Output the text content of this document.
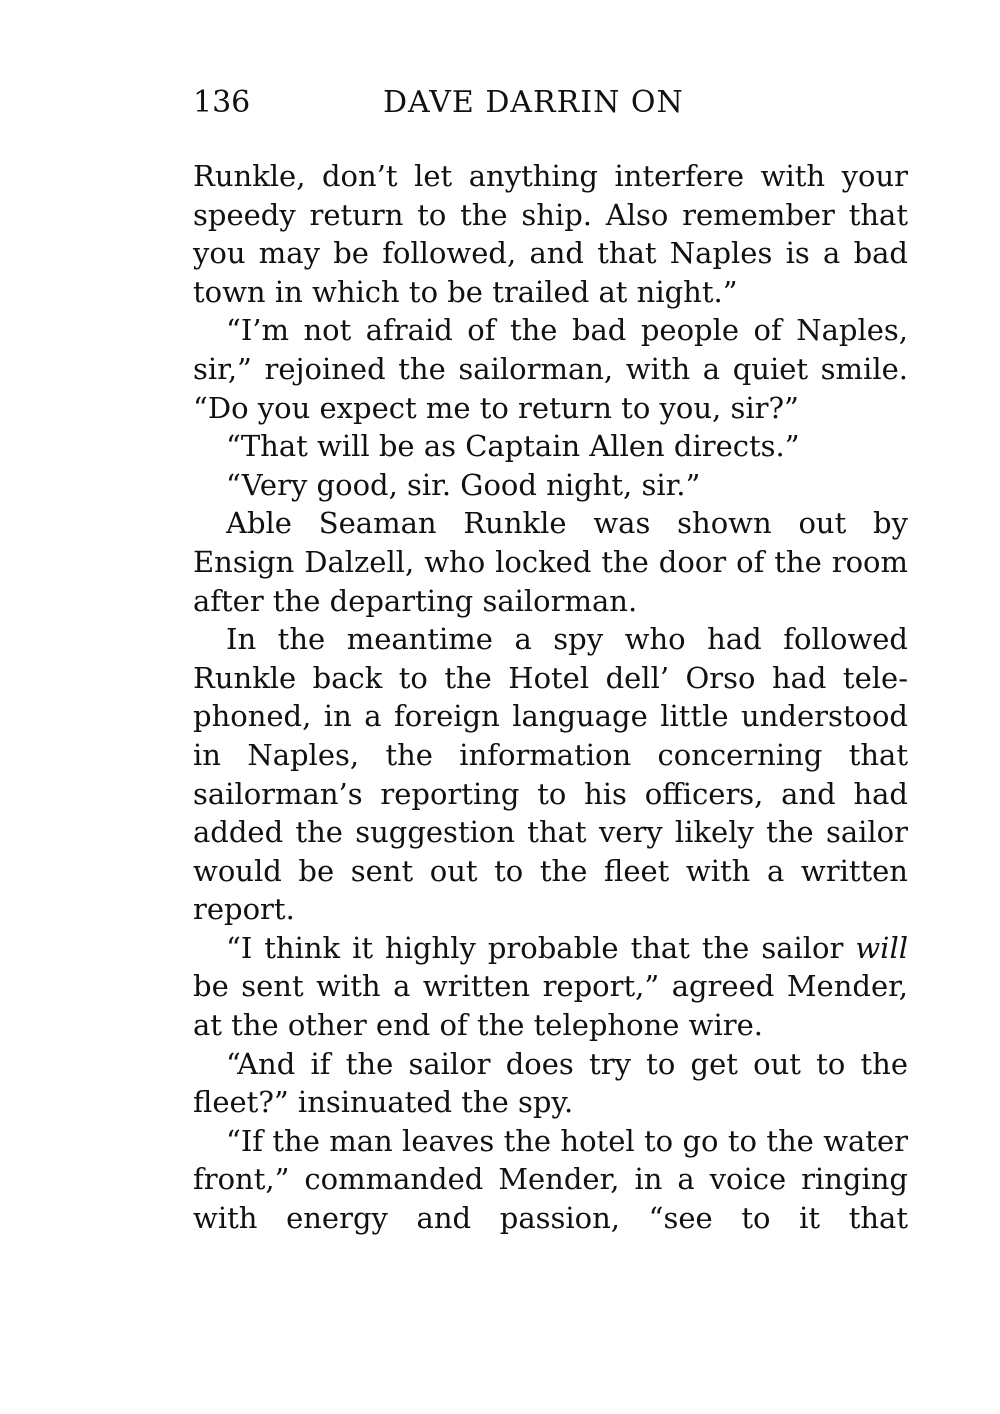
136	DAVE DARRIN ON

Runkle, don’t let anything interfere with your speedy return to the ship. Also remember that you may be followed, and that Naples is a bad town in which to be trailed at night.”

“I’m not afraid of the bad people of Naples, sir,” rejoined the sailorman, with a quiet smile. “Do you expect me to return to you, sir?”

“That will be as Captain Allen directs.”

“Very good, sir. Good night, sir.”

Able Seaman Runkle was shown out by Ensign Dalzell, who locked the door of the room after the departing sailorman.

In the meantime a spy who had followed Runkle back to the Hotel dell’ Orso had telephoned, in a foreign language little understood in Naples, the information concerning that sailorman’s reporting to his officers, and had added the suggestion that very likely the sailor would be sent out to the fleet with a written report.

“I think it highly probable that the sailor will be sent with a written report,” agreed Mender, at the other end of the telephone wire.

“And if the sailor does try to get out to the fleet?” insinuated the spy.

“If the man leaves the hotel to go to the water front,” commanded Mender, in a voice ringing with energy and passion, “see to it that
